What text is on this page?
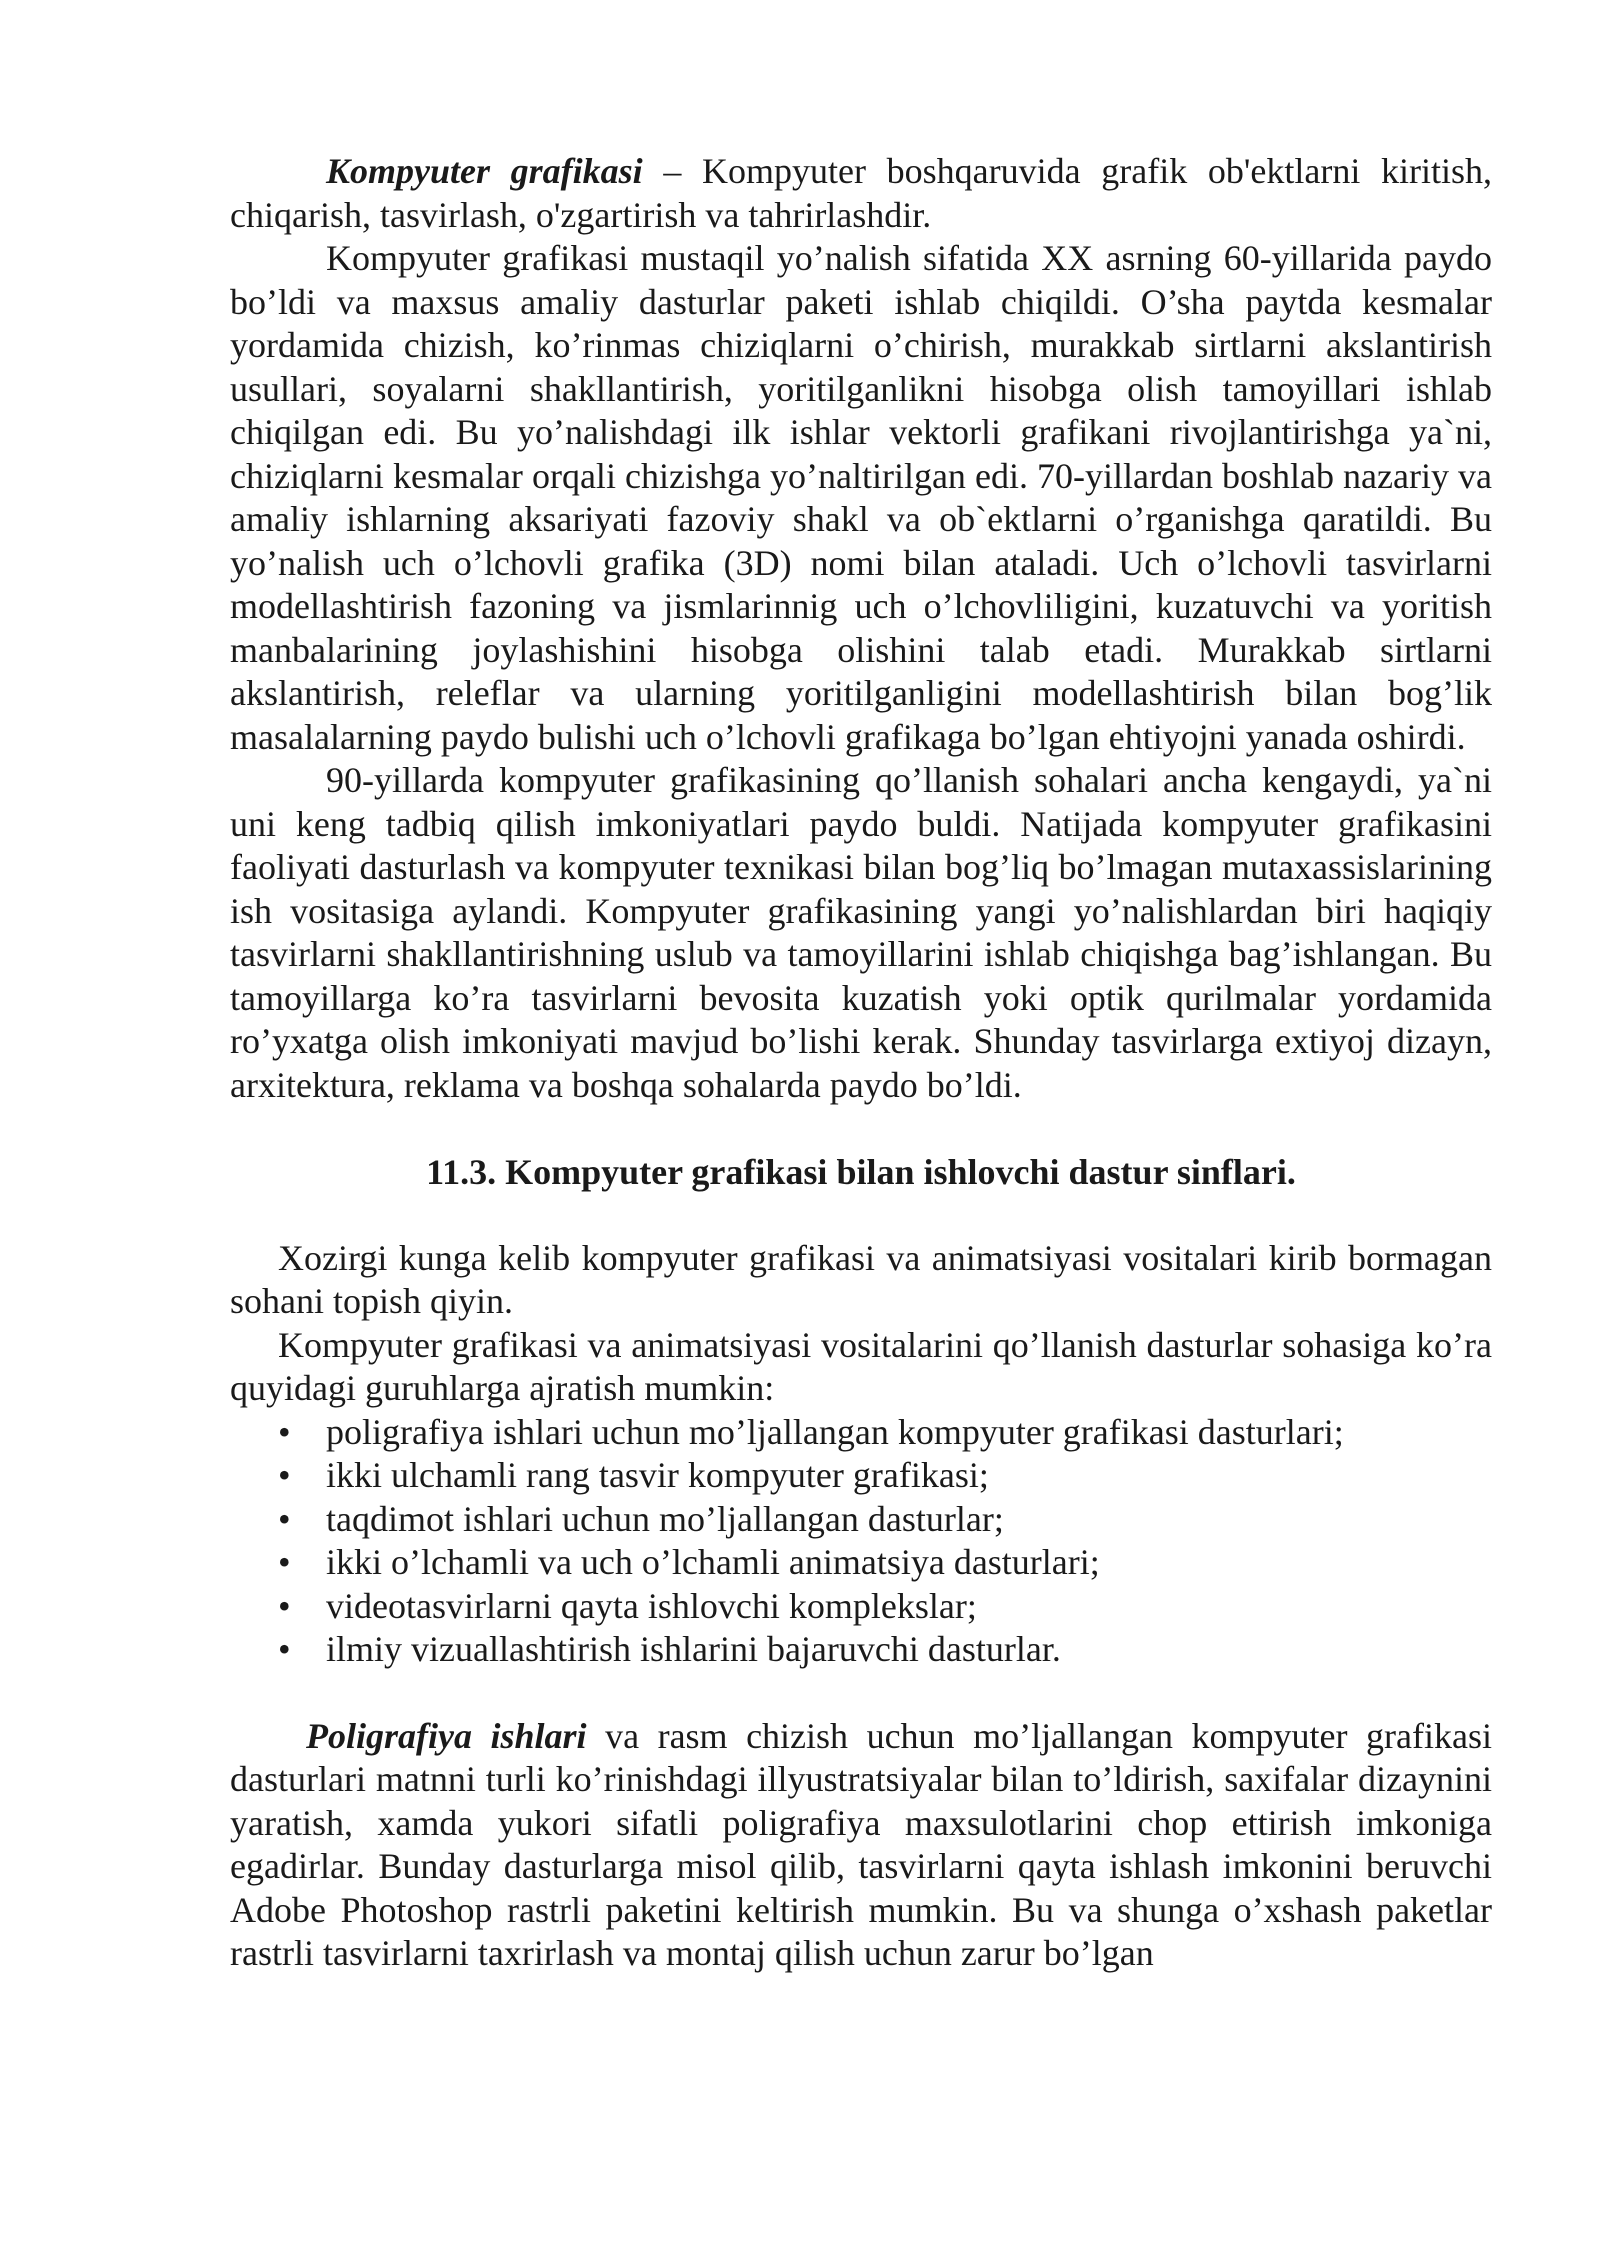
Kompyuter grafikasi – Kompyuter boshqaruvida grafik ob'ektlarni kiritish, chiqarish, tasvirlash, o'zgartirish va tahrirlashdir.

Kompyuter grafikasi mustaqil yo’nalish sifatida XX asrning 60-yillarida paydo bo’ldi va maxsus amaliy dasturlar paketi ishlab chiqildi. O’sha paytda kesmalar yordamida chizish, ko’rinmas chiziqlarni o’chirish, murakkab sirtlarni akslantirish usullari, soyalarni shakllantirish, yoritilganlikni hisobga olish tamoyillari ishlab chiqilgan edi. Bu yo’nalishdagi ilk ishlar vektorli grafikani rivojlantirishga ya`ni, chiziqlarni kesmalar orqali chizishga yo’naltirilgan edi. 70-yillardan boshlab nazariy va amaliy ishlarning aksariyati fazoviy shakl va ob`ektlarni o’rganishga qaratildi. Bu yo’nalish uch o’lchovli grafika (3D) nomi bilan ataladi. Uch o’lchovli tasvirlarni modellashtirish fazoning va jismlarinnig uch o’lchovliligini, kuzatuvchi va yoritish manbalarining joylashishini hisobga olishini talab etadi. Murakkab sirtlarni akslantirish, releflar va ularning yoritilganligini modellashtirish bilan bog’lik masalalarning paydo bulishi uch o’lchovli grafikaga bo’lgan ehtiyojni yanada oshirdi.

90-yillarda kompyuter grafikasining qo’llanish sohalari ancha kengaydi, ya`ni uni keng tadbiq qilish imkoniyatlari paydo buldi. Natijada kompyuter grafikasini faoliyati dasturlash va kompyuter texnikasi bilan bog’liq bo’lmagan mutaxassislarining ish vositasiga aylandi. Kompyuter grafikasining yangi yo’nalishlardan biri haqiqiy tasvirlarni shakllantirishning uslub va tamoyillarini ishlab chiqishga bag’ishlangan. Bu tamoyillarga ko’ra tasvirlarni bevosita kuzatish yoki optik qurilmalar yordamida ro’yxatga olish imkoniyati mavjud bo’lishi kerak. Shunday tasvirlarga extiyoj dizayn, arxitektura, reklama va boshqa sohalarda paydo bo’ldi.

11.3. Kompyuter grafikasi bilan ishlovchi dastur sinflari.

Xozirgi kunga kelib kompyuter grafikasi va animatsiyasi vositalari kirib bormagan sohani topish qiyin.

Kompyuter grafikasi va animatsiyasi vositalarini qo’llanish dasturlar sohasiga ko’ra quyidagi guruhlarga ajratish mumkin:

• poligrafiya ishlari uchun mo’ljallangan kompyuter grafikasi dasturlari;
• ikki ulchamli rang tasvir kompyuter grafikasi;
• taqdimot ishlari uchun mo’ljallangan dasturlar;
• ikki o’lchamli va uch o’lchamli animatsiya dasturlari;
• videotasvirlarni qayta ishlovchi komplekslar;
• ilmiy vizuallashtirish ishlarini bajaruvchi dasturlar.

Poligrafiya ishlari va rasm chizish uchun mo’ljallangan kompyuter grafikasi dasturlari matnni turli ko’rinishdagi illyustratsiyalar bilan to’ldirish, saxifalar dizaynini yaratish, xamda yukori sifatli poligrafiya maxsulotlarini chop ettirish imkoniga egadirlar. Bunday dasturlarga misol qilib, tasvirlarni qayta ishlash imkonini beruvchi Adobe Photoshop rastrli paketini keltirish mumkin. Bu va shunga o’xshash paketlar rastrli tasvirlarni taxrirlash va montaj qilish uchun zarur bo’lgan
